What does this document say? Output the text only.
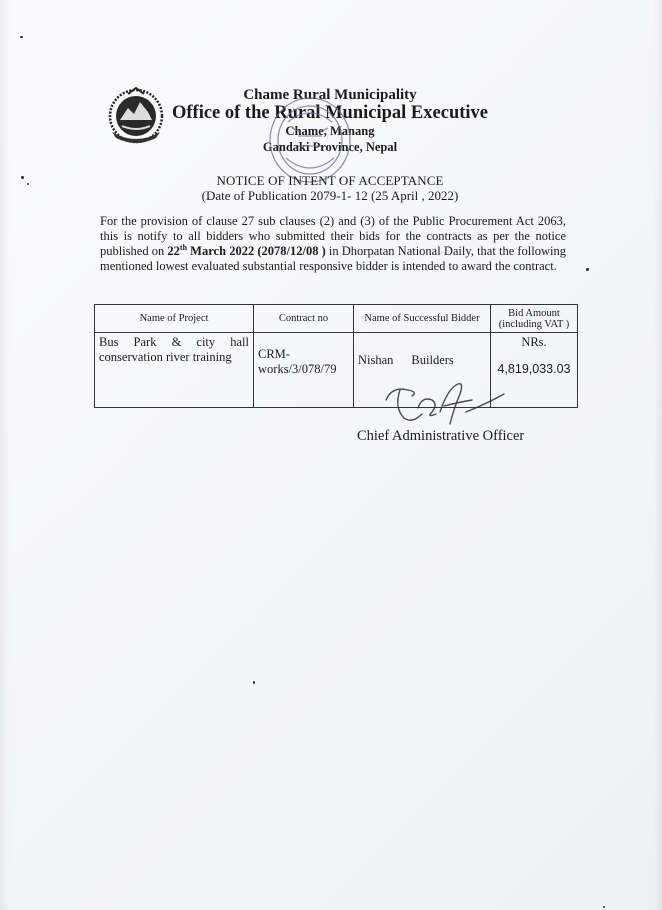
Chame Rural Municipality
Office of the Rural Municipal Executive
Chame, Manang
Gandaki Province, Nepal
NOTICE OF INTENT OF ACCEPTANCE
(Date of Publication 2079-1- 12 (25 April , 2022)
For the provision of clause 27 sub clauses (2) and (3) of the Public Procurement Act 2063, this is notify to all bidders who submitted their bids for the contracts as per the notice published on 22th March 2022 (2078/12/08 ) in Dhorpatan National Daily, that the following mentioned lowest evaluated substantial responsive bidder is intended to award the contract.
Name of Project	Contract no	Name of Successful Bidder	Bid Amount (including VAT )
Bus Park & city hall conservation river training	CRM-works/3/078/79	Nishan Builders	NRs.
4,819,033.03
Chief Administrative Officer
